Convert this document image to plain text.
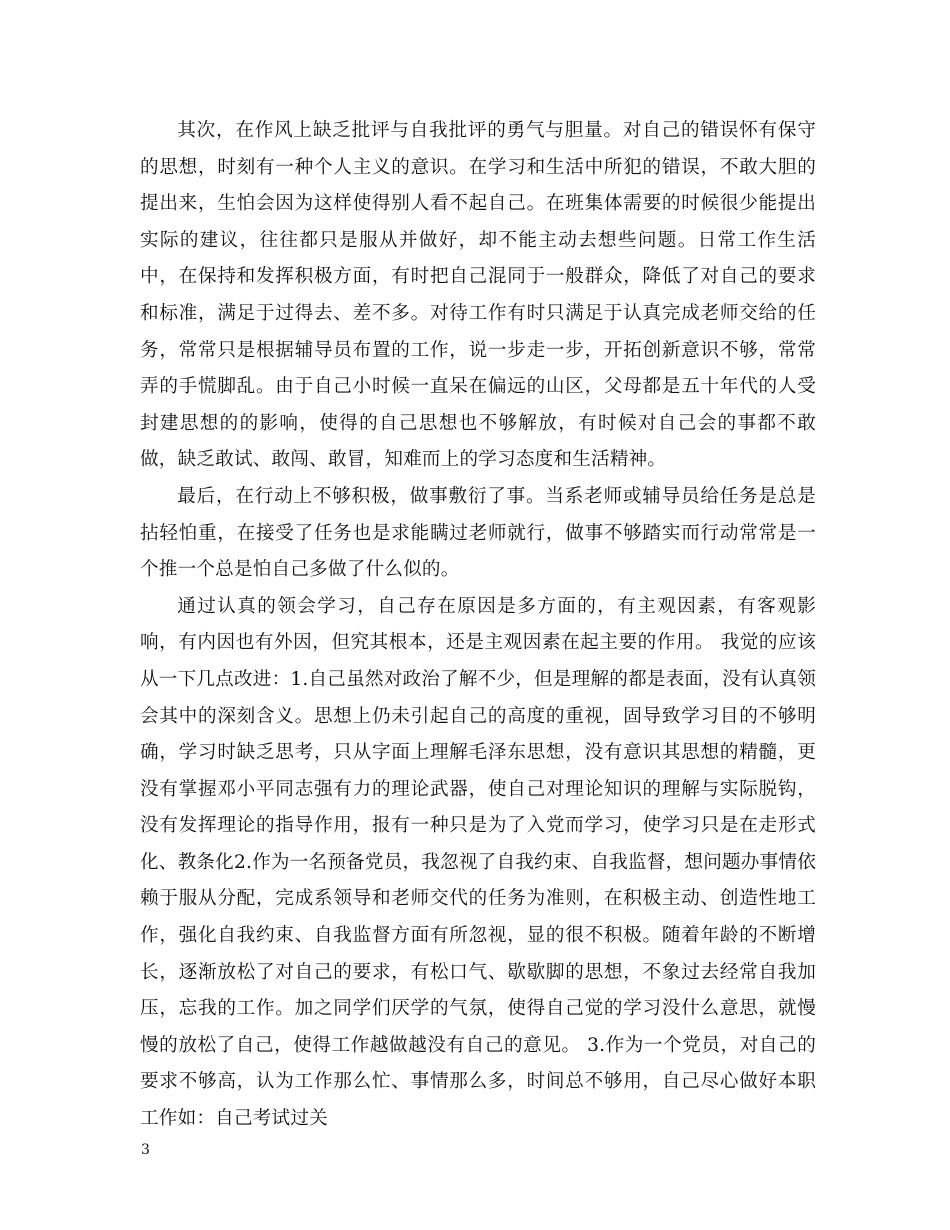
其次，在作风上缺乏批评与自我批评的勇气与胆量。对自己的错误怀有保守的思想，时刻有一种个人主义的意识。在学习和生活中所犯的错误，不敢大胆的提出来，生怕会因为这样使得别人看不起自己。在班集体需要的时候很少能提出实际的建议，往往都只是服从并做好，却不能主动去想些问题。日常工作生活中，在保持和发挥积极方面，有时把自己混同于一般群众，降低了对自己的要求和标准，满足于过得去、差不多。对待工作有时只满足于认真完成老师交给的任务，常常只是根据辅导员布置的工作，说一步走一步，开拓创新意识不够，常常弄的手慌脚乱。由于自己小时候一直呆在偏远的山区，父母都是五十年代的人受封建思想的的影响，使得的自己思想也不够解放，有时候对自己会的事都不敢做，缺乏敢试、敢闯、敢冒，知难而上的学习态度和生活精神。

最后，在行动上不够积极，做事敷衍了事。当系老师或辅导员给任务是总是拈轻怕重，在接受了任务也是求能瞒过老师就行，做事不够踏实而行动常常是一个推一个总是怕自己多做了什么似的。

通过认真的领会学习，自己存在原因是多方面的，有主观因素，有客观影响，有内因也有外因，但究其根本，还是主观因素在起主要的作用。 我觉的应该从一下几点改进：1.自己虽然对政治了解不少，但是理解的都是表面，没有认真领会其中的深刻含义。思想上仍未引起自己的高度的重视，固导致学习目的不够明确，学习时缺乏思考，只从字面上理解毛泽东思想，没有意识其思想的精髓，更没有掌握邓小平同志强有力的理论武器，使自己对理论知识的理解与实际脱钩，没有发挥理论的指导作用，报有一种只是为了入党而学习，使学习只是在走形式化、教条化2.作为一名预备党员，我忽视了自我约束、自我监督，想问题办事情依赖于服从分配，完成系领导和老师交代的任务为准则，在积极主动、创造性地工作，强化自我约束、自我监督方面有所忽视，显的很不积极。随着年龄的不断增长，逐渐放松了对自己的要求，有松口气、歇歇脚的思想，不象过去经常自我加压，忘我的工作。加之同学们厌学的气氛，使得自己觉的学习没什么意思，就慢慢的放松了自己，使得工作越做越没有自己的意见。 3.作为一个党员，对自己的要求不够高，认为工作那么忙、事情那么多，时间总不够用，自己尽心做好本职工作如：自己考试过关

3
